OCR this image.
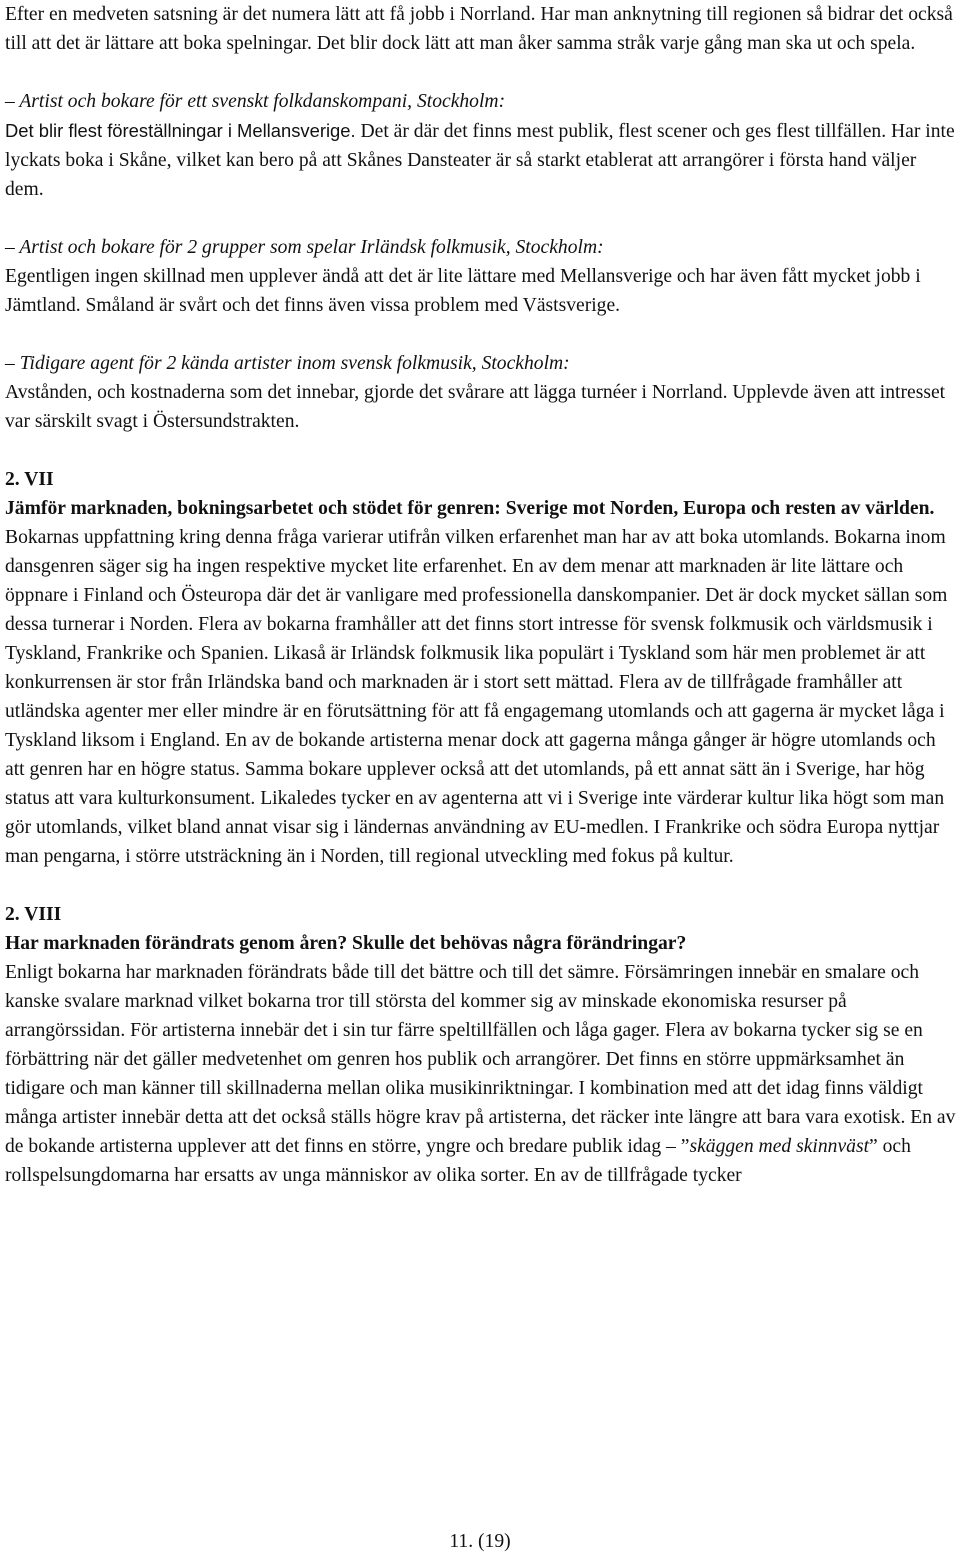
Efter en medveten satsning är det numera lätt att få jobb i Norrland. Har man anknytning till regionen så bidrar det också till att det är lättare att boka spelningar. Det blir dock lätt att man åker samma stråk varje gång man ska ut och spela.

– Artist och bokare för ett svenskt folkdanskompani, Stockholm:
Det blir flest föreställningar i Mellansverige. Det är där det finns mest publik, flest scener och ges flest tillfällen. Har inte lyckats boka i Skåne, vilket kan bero på att Skånes Dansteater är så starkt etablerat att arrangörer i första hand väljer dem.

– Artist och bokare för 2 grupper som spelar Irländsk folkmusik, Stockholm:
Egentligen ingen skillnad men upplever ändå att det är lite lättare med Mellansverige och har även fått mycket jobb i Jämtland. Småland är svårt och det finns även vissa problem med Västsverige.

– Tidigare agent för 2 kända artister inom svensk folkmusik, Stockholm:
Avstånden, och kostnaderna som det innebar, gjorde det svårare att lägga turnéer i Norrland. Upplevde även att intresset var särskilt svagt i Östersundstrakten.

2. VII

Jämför marknaden, bokningsarbetet och stödet för genren: Sverige mot Norden, Europa och resten av världen.

Bokarnas uppfattning kring denna fråga varierar utifrån vilken erfarenhet man har av att boka utomlands. Bokarna inom dansgenren säger sig ha ingen respektive mycket lite erfarenhet. En av dem menar att marknaden är lite lättare och öppnare i Finland och Östeuropa där det är vanligare med professionella danskompanier. Det är dock mycket sällan som dessa turnerar i Norden. Flera av bokarna framhåller att det finns stort intresse för svensk folkmusik och världsmusik i Tyskland, Frankrike och Spanien. Likaså är Irländsk folkmusik lika populärt i Tyskland som här men problemet är att konkurrensen är stor från Irländska band och marknaden är i stort sett mättad. Flera av de tillfrågade framhåller att utländska agenter mer eller mindre är en förutsättning för att få engagemang utomlands och att gagerna är mycket låga i Tyskland liksom i England. En av de bokande artisterna menar dock att gagerna många gånger är högre utomlands och att genren har en högre status. Samma bokare upplever också att det utomlands, på ett annat sätt än i Sverige, har hög status att vara kulturkonsument. Likaledes tycker en av agenterna att vi i Sverige inte värderar kultur lika högt som man gör utomlands, vilket bland annat visar sig i ländernas användning av EU-medlen. I Frankrike och södra Europa nyttjar man pengarna, i större utsträckning än i Norden, till regional utveckling med fokus på kultur.

2. VIII

Har marknaden förändrats genom åren? Skulle det behövas några förändringar?

Enligt bokarna har marknaden förändrats både till det bättre och till det sämre. Försämringen innebär en smalare och kanske svalare marknad vilket bokarna tror till största del kommer sig av minskade ekonomiska resurser på arrangörssidan. För artisterna innebär det i sin tur färre speltillfällen och låga gager. Flera av bokarna tycker sig se en förbättring när det gäller medvetenhet om genren hos publik och arrangörer. Det finns en större uppmärksamhet än tidigare och man känner till skillnaderna mellan olika musikinriktningar. I kombination med att det idag finns väldigt många artister innebär detta att det också ställs högre krav på artisterna, det räcker inte längre att bara vara exotisk. En av de bokande artisterna upplever att det finns en större, yngre och bredare publik idag – ”skäggen med skinnväst” och rollspelsungdomarna har ersatts av unga människor av olika sorter. En av de tillfrågade tycker

11. (19)
